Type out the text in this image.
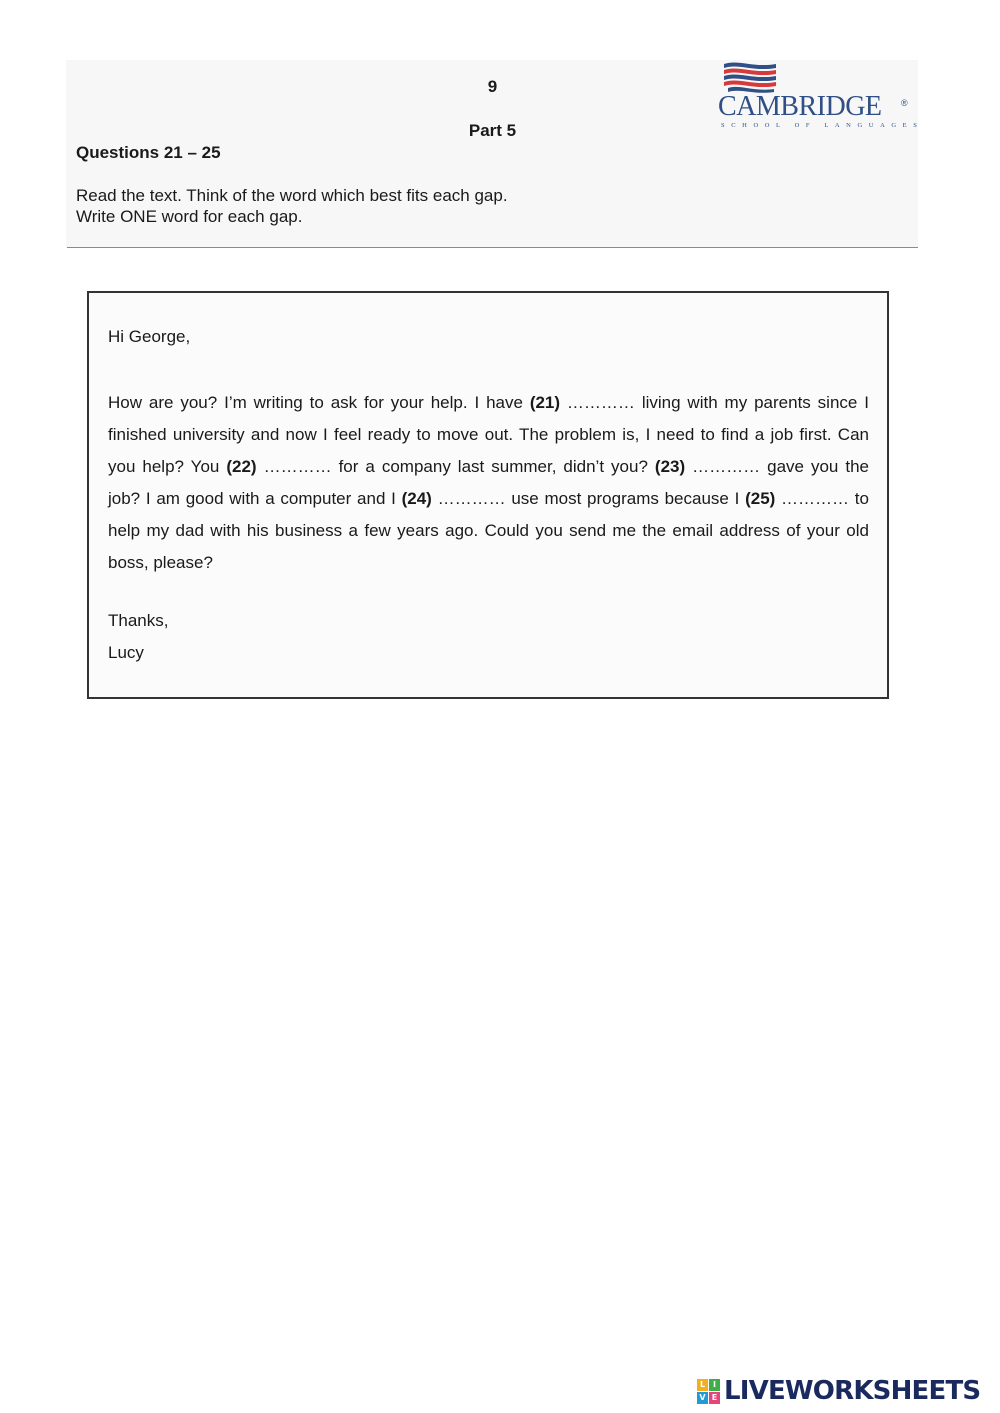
9
Part 5
Questions 21 – 25
Read the text. Think of the word which best fits each gap.
Write ONE word for each gap.
CAMBRIDGE ®
SCHOOL OF LANGUAGES
Hi George,
How are you? I’m writing to ask for your help. I have (21) ………… living with my parents since I finished university and now I feel ready to move out. The problem is, I need to find a job first. Can you help? You (22) ………… for a company last summer, didn’t you? (23) ………… gave you the job? I am good with a computer and I (24) ………… use most programs because I (25) ………… to help my dad with his business a few years ago. Could you send me the email address of your old boss, please?
Thanks,
Lucy
L I
V E LIVEWORKSHEETS
